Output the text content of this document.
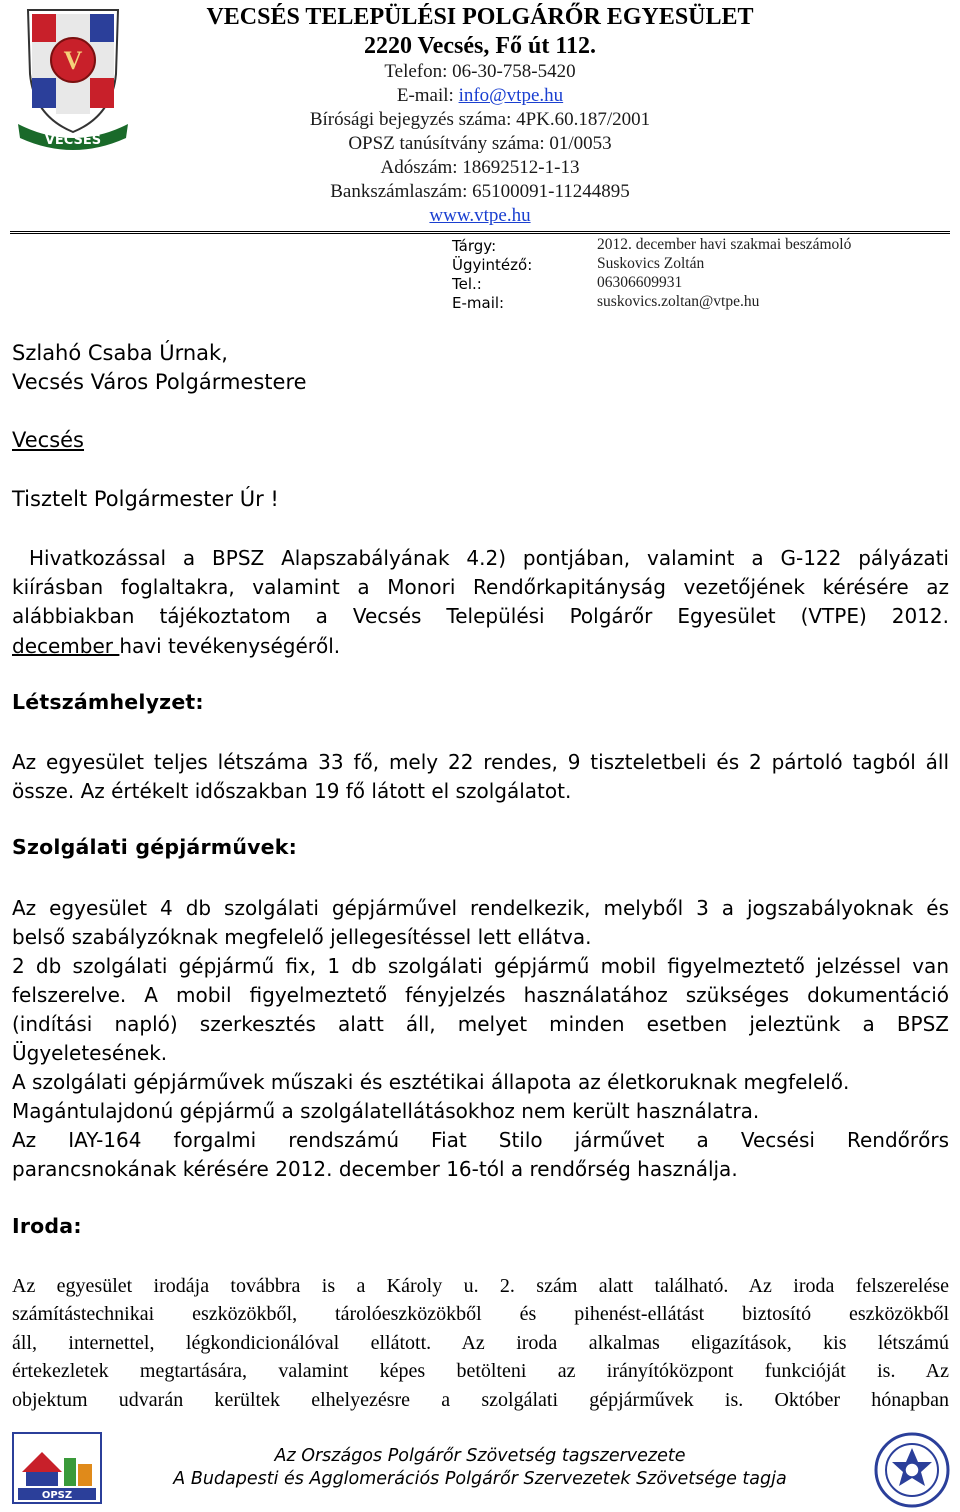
V
VECSÉS
VECSÉS TELEPÜLÉSI POLGÁRŐR EGYESÜLET
2220 Vecsés, Fő út 112.
Telefon: 06-30-758-5420
E-mail: info@vtpe.hu
Bírósági bejegyzés száma: 4PK.60.187/2001
OPSZ tanúsítvány száma: 01/0053
Adószám: 18692512-1-13
Bankszámlaszám: 65100091-11244895
www.vtpe.hu
Tárgy:	2012. december havi szakmai beszámoló
Ügyintéző:	Suskovics Zoltán
Tel.:	06306609931
E-mail:	suskovics.zoltan@vtpe.hu
Szlahó Csaba Úrnak,
Vecsés Város Polgármestere
Vecsés
Tisztelt Polgármester Úr !
Hivatkozással a BPSZ Alapszabályának 4.2) pontjában, valamint a G-122 pályázati
kiírásban foglaltakra, valamint a Monori Rendőrkapitányság vezetőjének kérésére az
alábbiakban tájékoztatom a Vecsés Települési Polgárőr Egyesület (VTPE) 2012.
december havi tevékenységéről.
Létszámhelyzet:
Az egyesület teljes létszáma 33 fő, mely 22 rendes, 9 tiszteletbeli és 2 pártoló tagból áll
össze. Az értékelt időszakban 19 fő látott el szolgálatot.
Szolgálati gépjárművek:
Az egyesület 4 db szolgálati gépjárművel rendelkezik, melyből 3 a jogszabályoknak és
belső szabályzóknak megfelelő jellegesítéssel lett ellátva.
2 db szolgálati gépjármű fix, 1 db szolgálati gépjármű mobil figyelmeztető jelzéssel van
felszerelve. A mobil figyelmeztető fényjelzés használatához szükséges dokumentáció
(indítási napló) szerkesztés alatt áll, melyet minden esetben jeleztünk a BPSZ
Ügyeletesének.
A szolgálati gépjárművek műszaki és esztétikai állapota az életkoruknak megfelelő.
Magántulajdonú gépjármű a szolgálatellátásokhoz nem került használatra.
Az IAY-164 forgalmi rendszámú Fiat Stilo járművet a Vecsési Rendőrőrs
parancsnokának kérésére 2012. december 16-tól a rendőrség használja.
Iroda:
Az egyesület irodája továbbra is a Károly u. 2. szám alatt található. Az iroda felszerelése
számítástechnikai eszközökből, tárolóeszközökből és pihenést-ellátást biztosító eszközökből
áll, internettel, légkondicionálóval ellátott. Az iroda alkalmas eligazítások, kis létszámú
értekezletek megtartására, valamint képes betölteni az irányítóközpont funkcióját is. Az
objektum udvarán kerültek elhelyezésre a szolgálati gépjárművek is. Október hónapban
OPSZ
Az Országos Polgárőr Szövetség tagszervezete
A Budapesti és Agglomerációs Polgárőr Szervezetek Szövetsége tagja
